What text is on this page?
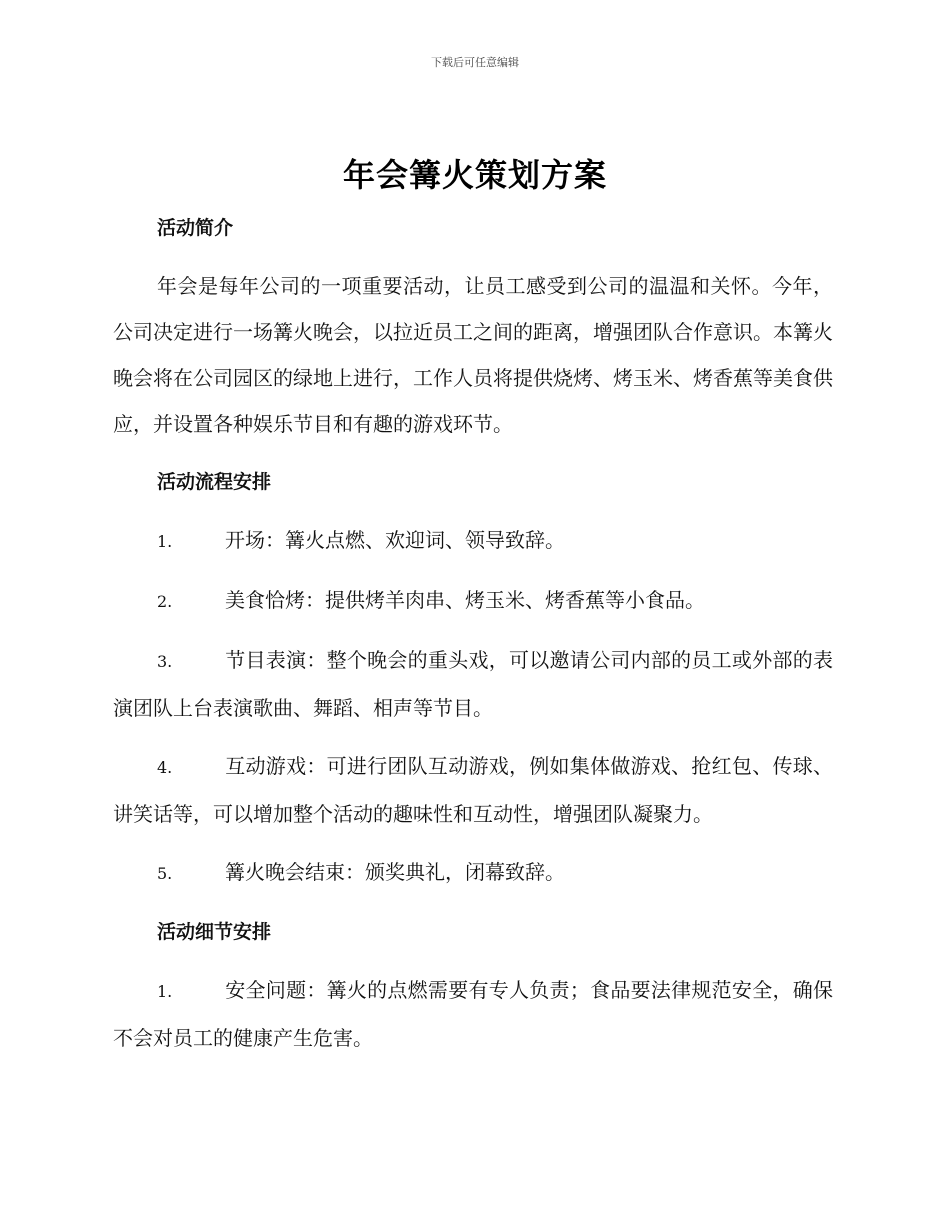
下载后可任意编辑
年会篝火策划方案
活动简介
年会是每年公司的一项重要活动，让员工感受到公司的温温和关怀。今年，公司决定进行一场篝火晚会，以拉近员工之间的距离，增强团队合作意识。本篝火晚会将在公司园区的绿地上进行，工作人员将提供烧烤、烤玉米、烤香蕉等美食供应，并设置各种娱乐节目和有趣的游戏环节。
活动流程安排
1.	开场：篝火点燃、欢迎词、领导致辞。
2.	美食恰烤：提供烤羊肉串、烤玉米、烤香蕉等小食品。
3.	节目表演：整个晚会的重头戏，可以邀请公司内部的员工或外部的表演团队上台表演歌曲、舞蹈、相声等节目。
4.	互动游戏：可进行团队互动游戏，例如集体做游戏、抢红包、传球、讲笑话等，可以增加整个活动的趣味性和互动性，增强团队凝聚力。
5.	篝火晚会结束：颁奖典礼，闭幕致辞。
活动细节安排
1.	安全问题：篝火的点燃需要有专人负责；食品要法律规范安全，确保不会对员工的健康产生危害。
